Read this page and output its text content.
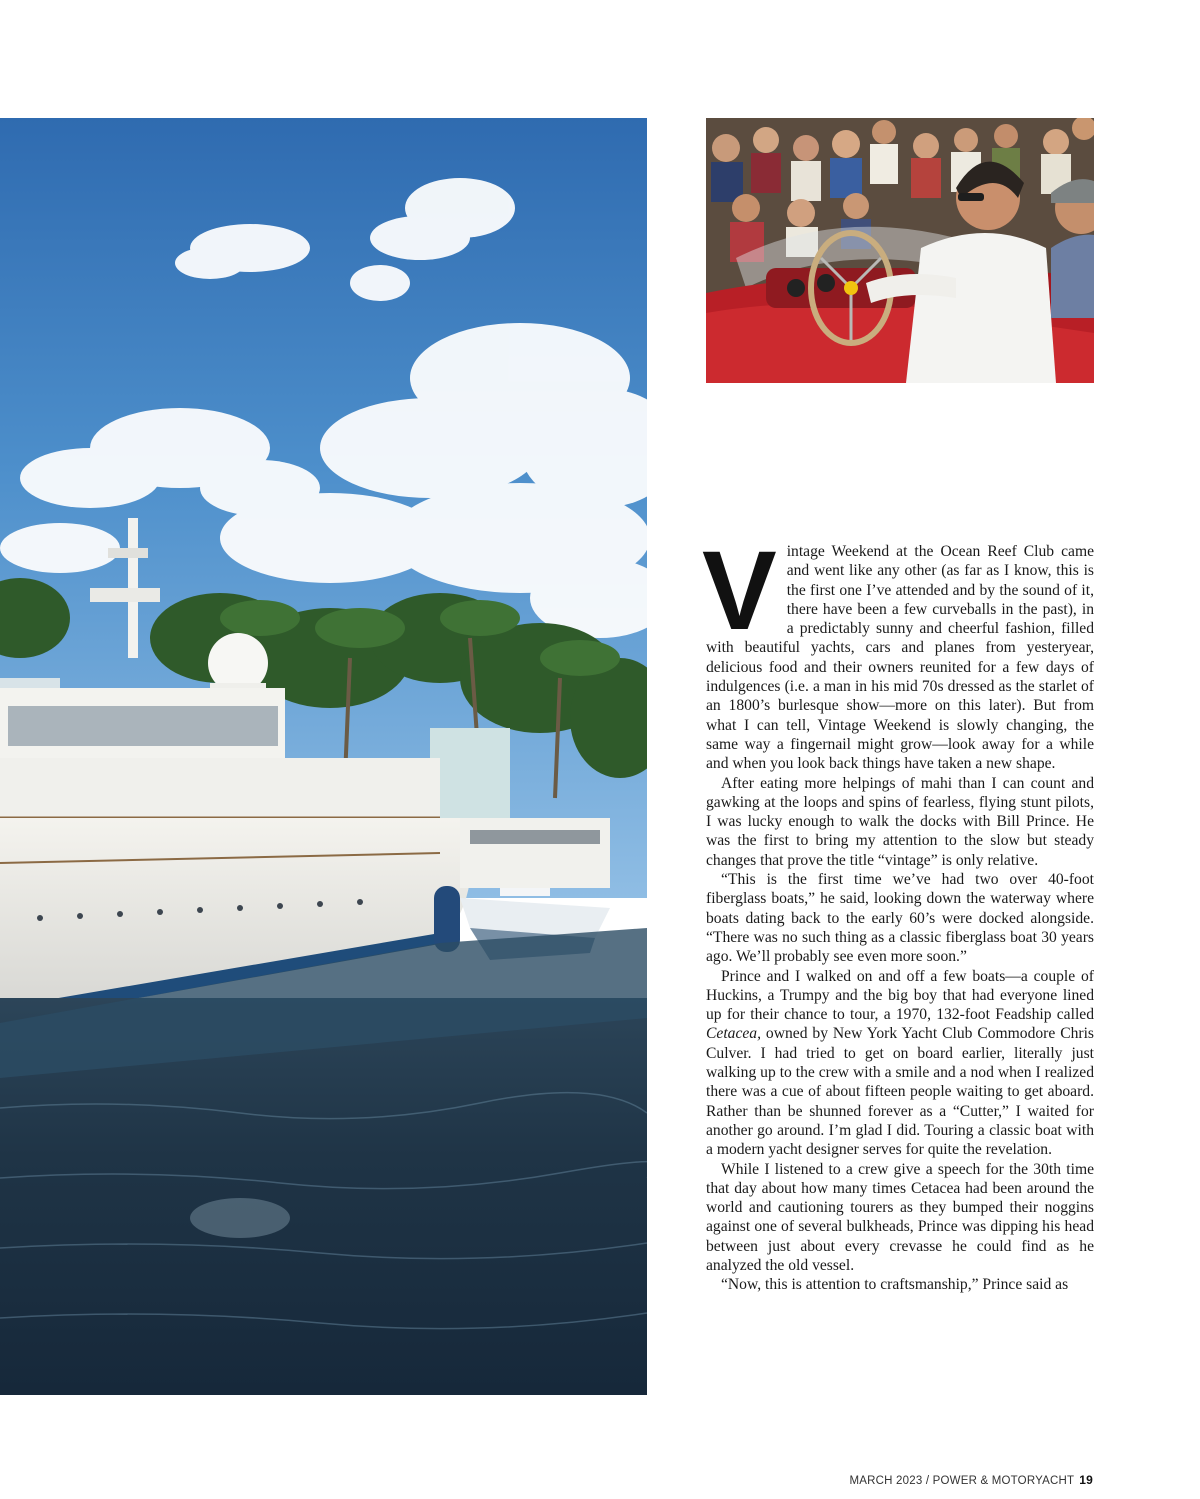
Vintage Weekend at the Ocean Reef Club came and went like any other (as far as I know, this is the first one I’ve attended and by the sound of it, there have been a few curveballs in the past), in a predictably sunny and cheerful fashion, filled with beautiful yachts, cars and planes from yesteryear, delicious food and their owners reunited for a few days of indulgences (i.e. a man in his mid 70s dressed as the starlet of an 1800’s burlesque show—more on this later). But from what I can tell, Vintage Weekend is slowly changing, the same way a fingernail might grow—look away for a while and when you look back things have taken a new shape.

After eating more helpings of mahi than I can count and gawking at the loops and spins of fearless, flying stunt pilots, I was lucky enough to walk the docks with Bill Prince. He was the first to bring my attention to the slow but steady changes that prove the title “vintage” is only relative.

“This is the first time we’ve had two over 40-foot fiberglass boats,” he said, looking down the waterway where boats dating back to the early 60’s were docked alongside. “There was no such thing as a classic fiberglass boat 30 years ago. We’ll probably see even more soon.”

Prince and I walked on and off a few boats—a couple of Huckins, a Trumpy and the big boy that had everyone lined up for their chance to tour, a 1970, 132-foot Feadship called Cetacea, owned by New York Yacht Club Commodore Chris Culver. I had tried to get on board earlier, literally just walking up to the crew with a smile and a nod when I realized there was a cue of about fifteen people waiting to get aboard. Rather than be shunned forever as a “Cutter,” I waited for another go around. I’m glad I did. Touring a classic boat with a modern yacht designer serves for quite the revelation.

While I listened to a crew give a speech for the 30th time that day about how many times Cetacea had been around the world and cautioning tourers as they bumped their noggins against one of several bulkheads, Prince was dipping his head between just about every crevasse he could find as he analyzed the old vessel.

“Now, this is attention to craftsmanship,” Prince said as

MARCH 2023 / POWER & MOTORYACHT 19
